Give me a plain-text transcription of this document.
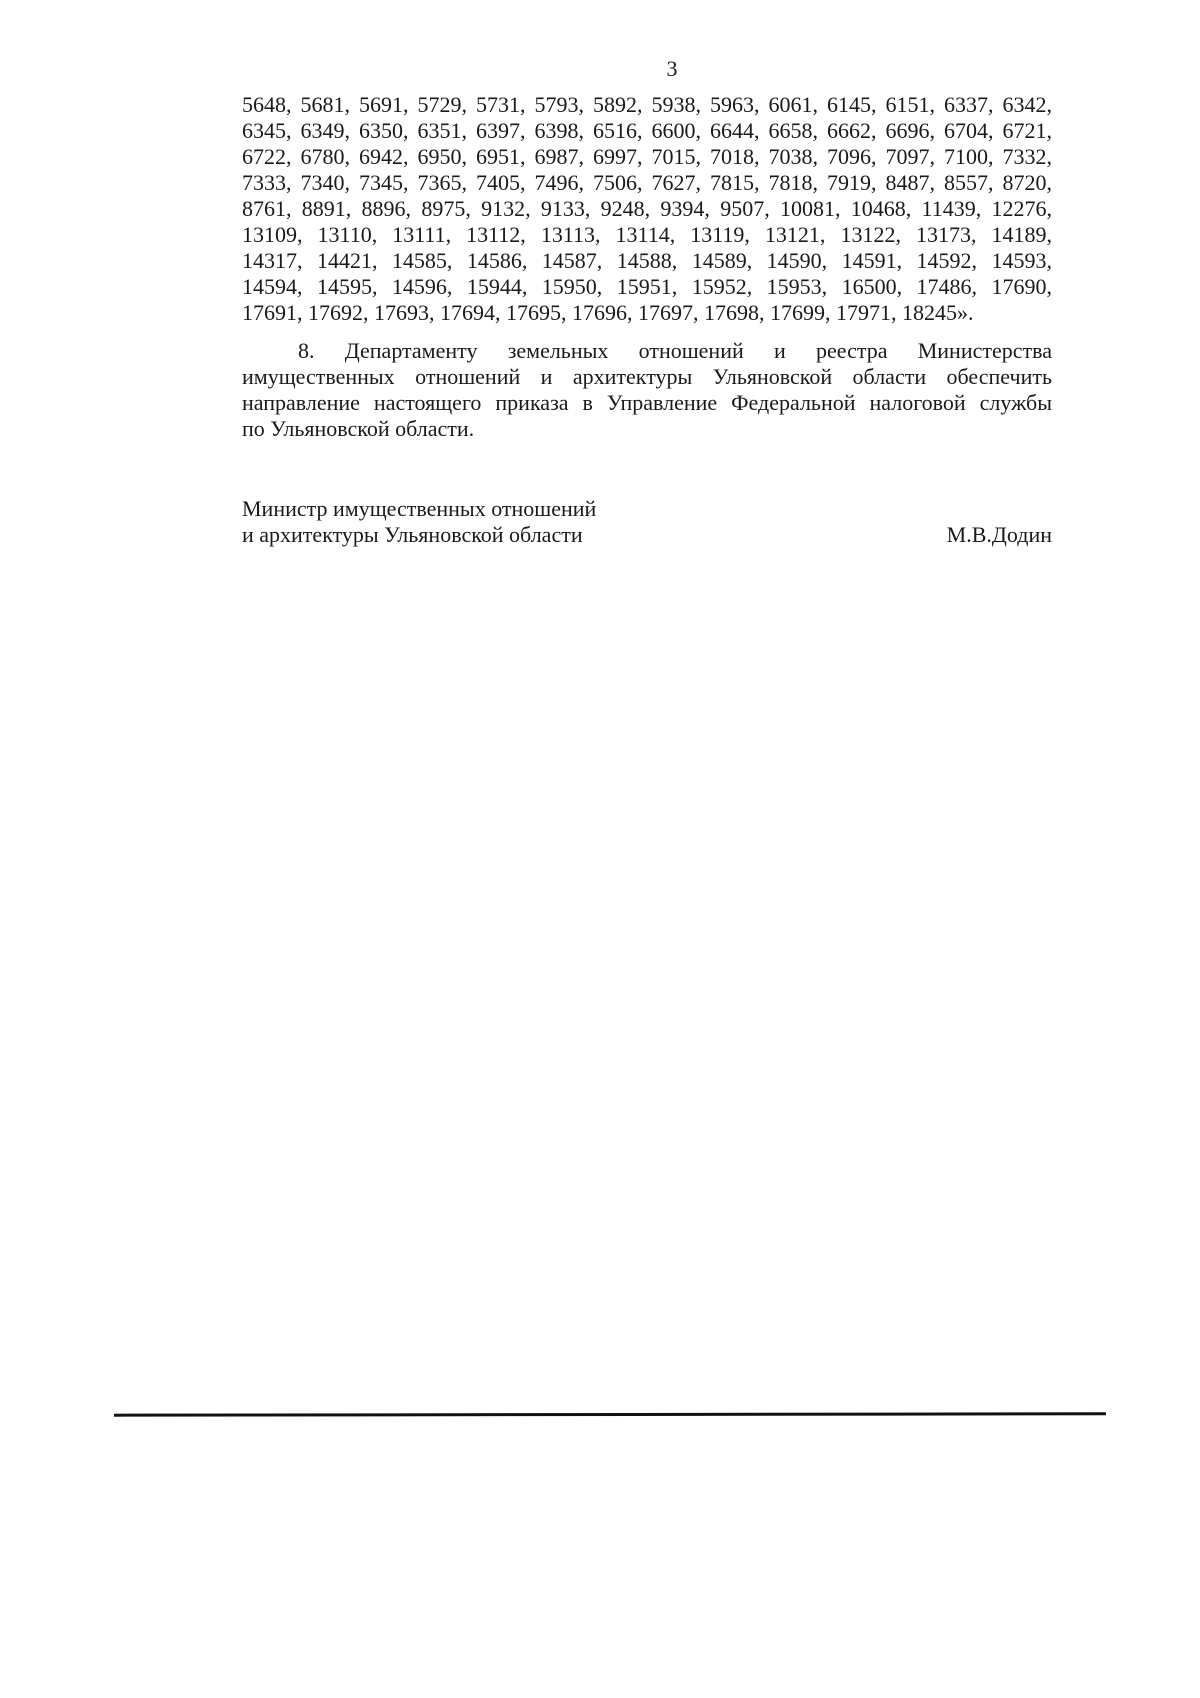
3
5648, 5681, 5691, 5729, 5731, 5793, 5892, 5938, 5963, 6061, 6145, 6151, 6337, 6342,
6345, 6349, 6350, 6351, 6397, 6398, 6516, 6600, 6644, 6658, 6662, 6696, 6704, 6721,
6722, 6780, 6942, 6950, 6951, 6987, 6997, 7015, 7018, 7038, 7096, 7097, 7100, 7332,
7333, 7340, 7345, 7365, 7405, 7496, 7506, 7627, 7815, 7818, 7919, 8487, 8557, 8720,
8761, 8891, 8896, 8975, 9132, 9133, 9248, 9394, 9507, 10081, 10468, 11439, 12276,
13109, 13110, 13111, 13112, 13113, 13114, 13119, 13121, 13122, 13173, 14189,
14317, 14421, 14585, 14586, 14587, 14588, 14589, 14590, 14591, 14592, 14593,
14594, 14595, 14596, 15944, 15950, 15951, 15952, 15953, 16500, 17486, 17690,
17691, 17692, 17693, 17694, 17695, 17696, 17697, 17698, 17699, 17971, 18245».
8. Департаменту земельных отношений и реестра Министерства
имущественных отношений и архитектуры Ульяновской области обеспечить
направление настоящего приказа в Управление Федеральной налоговой службы
по Ульяновской области.
Министр имущественных отношений
и архитектуры Ульяновской области	М.В.Додин
